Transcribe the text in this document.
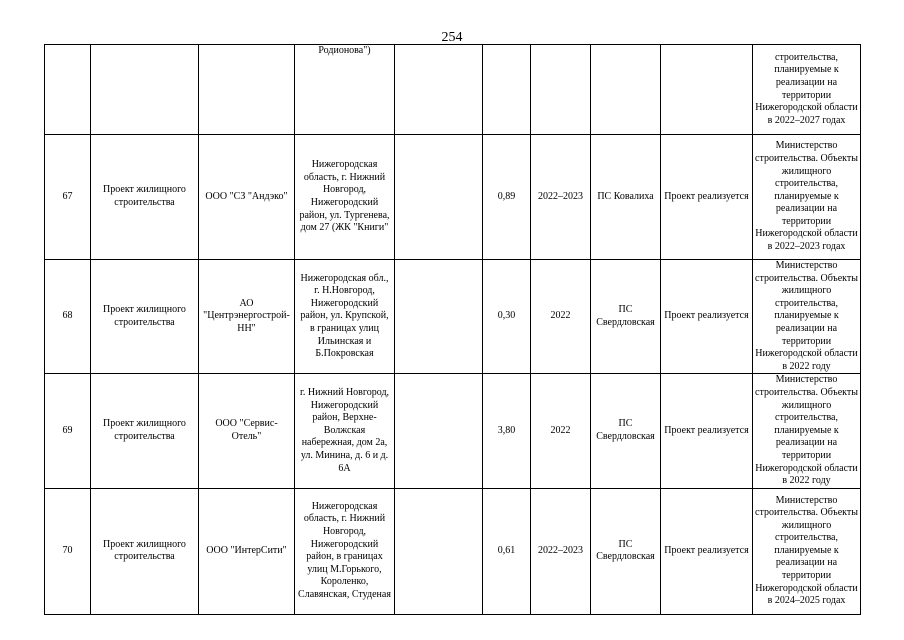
254
			Родионова")						строительства, планируемые к реализации на территории Нижегородской области в 2022–2027 годах
67	Проект жилищного строительства	ООО "СЗ "Андэко"	Нижегородская область, г. Нижний Новгород, Нижегородский район, ул. Тургенева, дом 27 (ЖК "Книги"		0,89	2022–2023	ПС Ковалиха	Проект реализуется	Министерство строительства. Объекты жилищного строительства, планируемые к реализации на территории Нижегородской области в 2022–2023 годах
68	Проект жилищного строительства	АО "Центрэнергострой-НН"	Нижегородская обл., г. Н.Новгород, Нижегородский район, ул. Крупской, в границах улиц Ильинская и Б.Покровская		0,30	2022	ПС Свердловская	Проект реализуется	Министерство строительства. Объекты жилищного строительства, планируемые к реализации на территории Нижегородской области в 2022 году
69	Проект жилищного строительства	ООО "Сервис-Отель"	г. Нижний Новгород, Нижегородский район, Верхне-Волжская набережная, дом 2а, ул. Минина, д. 6 и д. 6А		3,80	2022	ПС Свердловская	Проект реализуется	Министерство строительства. Объекты жилищного строительства, планируемые к реализации на территории Нижегородской области в 2022 году
70	Проект жилищного строительства	ООО "ИнтерСити"	Нижегородская область, г. Нижний Новгород, Нижегородский район, в границах улиц М.Горького, Короленко, Славянская, Студеная		0,61	2022–2023	ПС Свердловская	Проект реализуется	Министерство строительства. Объекты жилищного строительства, планируемые к реализации на территории Нижегородской области в 2024–2025 годах
